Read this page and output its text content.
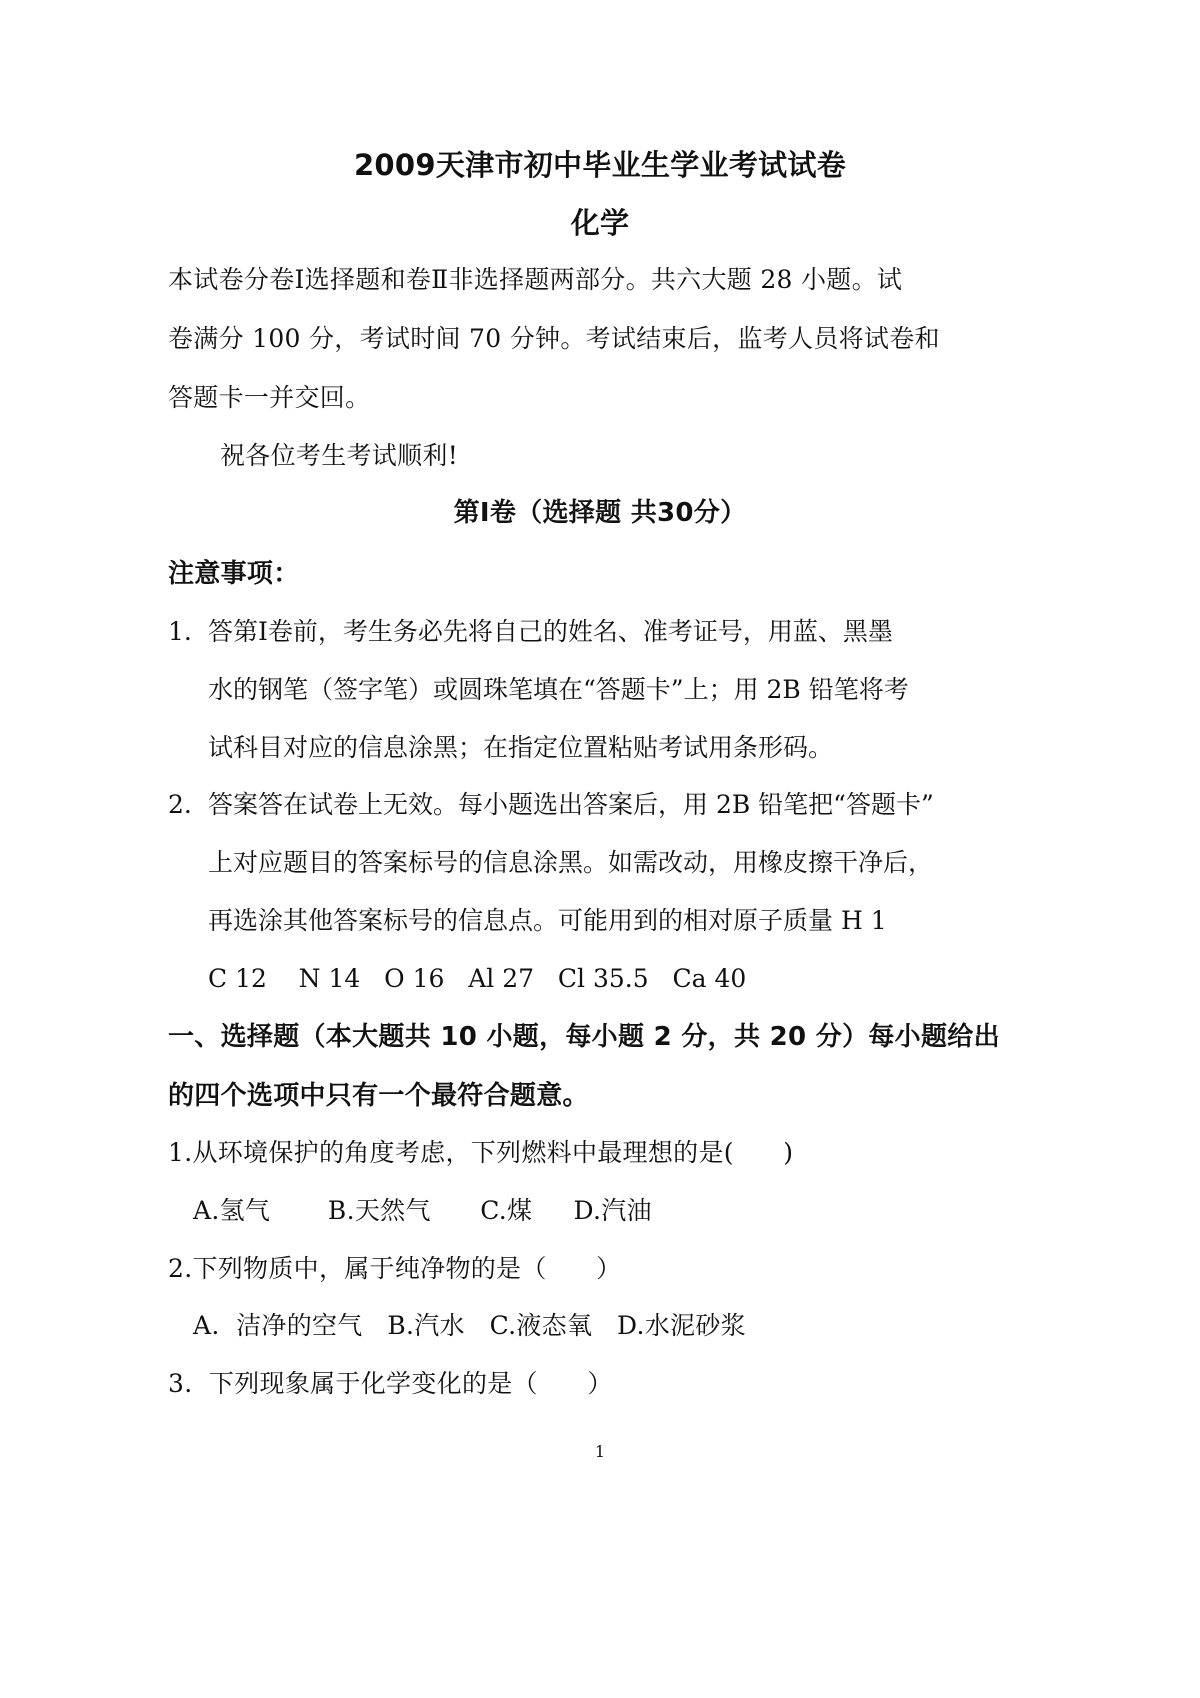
2009天津市初中毕业生学业考试试卷
化学
本试卷分卷Ⅰ选择题和卷Ⅱ非选择题两部分。共六大题 28 小题。试
卷满分 100 分，考试时间 70 分钟。考试结束后，监考人员将试卷和
答题卡一并交回。
祝各位考生考试顺利!
第Ⅰ卷（选择题 共30分）
注意事项：
1. 答第Ⅰ卷前，考生务必先将自己的姓名、准考证号，用蓝、黑墨
水的钢笔（签字笔）或圆珠笔填在“答题卡”上；用 2B 铅笔将考
试科目对应的信息涂黑；在指定位置粘贴考试用条形码。
2. 答案答在试卷上无效。每小题选出答案后，用 2B 铅笔把“答题卡”
上对应题目的答案标号的信息涂黑。如需改动，用橡皮擦干净后，
再选涂其他答案标号的信息点。可能用到的相对原子质量 H 1
C 12    N 14   O 16   Al 27   Cl 35.5   Ca 40
一、选择题（本大题共 10 小题，每小题 2 分，共 20 分）每小题给出
的四个选项中只有一个最符合题意。
1.从环境保护的角度考虑，下列燃料中最理想的是(      )
A.氢气       B.天然气      C.煤     D.汽油
2.下列物质中，属于纯净物的是（      ）
A.  洁净的空气   B.汽水   C.液态氧   D.水泥砂浆
3.  下列现象属于化学变化的是（      ）
1
